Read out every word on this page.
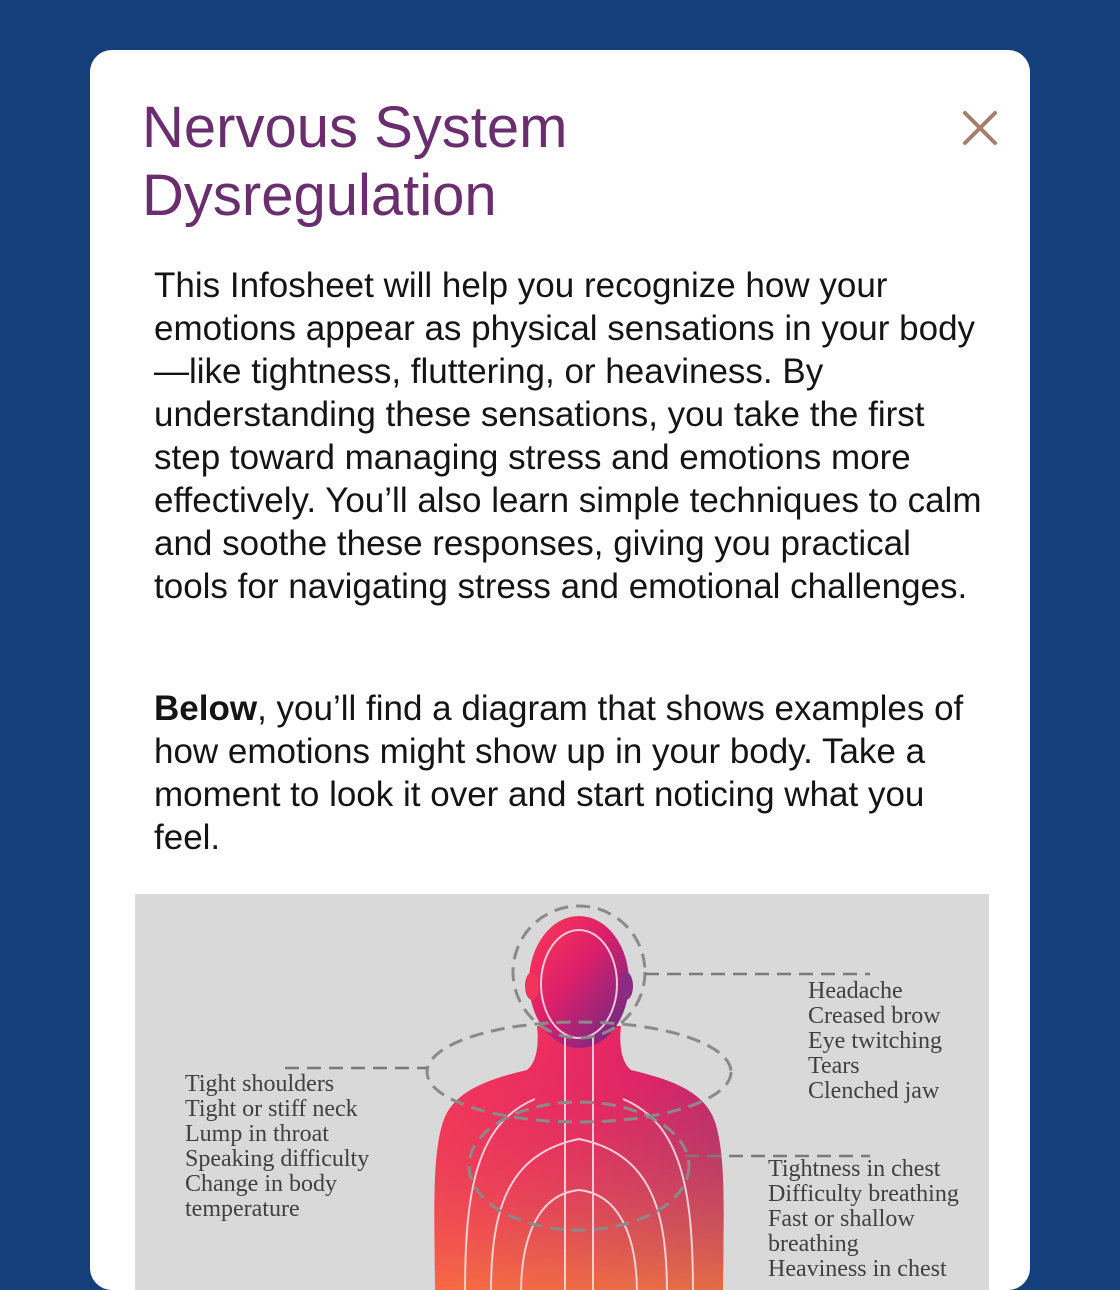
Nervous System
Dysregulation

This Infosheet will help you recognize how your emotions appear as physical sensations in your body—like tightness, fluttering, or heaviness. By understanding these sensations, you take the first step toward managing stress and emotions more effectively. You’ll also learn simple techniques to calm and soothe these responses, giving you practical tools for navigating stress and emotional challenges.

Below, you’ll find a diagram that shows examples of how emotions might show up in your body. Take a moment to look it over and start noticing what you feel.

Tight shoulders
Tight or stiff neck
Lump in throat
Speaking difficulty
Change in body
temperature
Headache
Creased brow
Eye twitching
Tears
Clenched jaw
Tightness in chest
Difficulty breathing
Fast or shallow
breathing
Heaviness in chest
